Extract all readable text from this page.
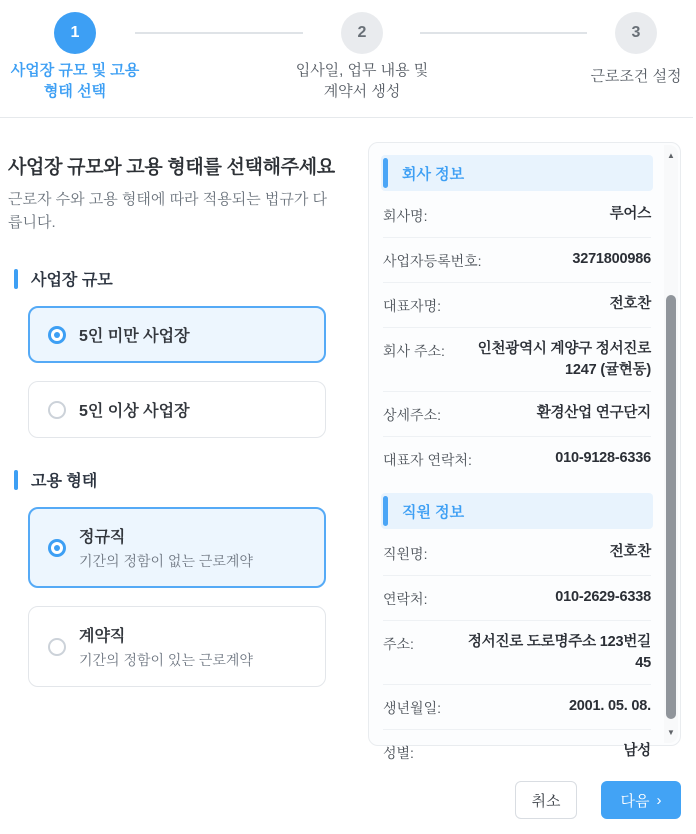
1	2	3
사업장 규모 및 고용 형태 선택
입사일, 업무 내용 및 계약서 생성
근로조건 설정
사업장 규모와 고용 형태를 선택해주세요
근로자 수와 고용 형태에 따라 적용되는 법규가 다릅니다.
사업장 규모
5인 미만 사업장
5인 이상 사업장
고용 형태
정규직
기간의 정함이 없는 근로계약
계약직
기간의 정함이 있는 근로계약
회사 정보
회사명:	루어스
사업자등록번호:	3271800986
대표자명:	전호찬
회사 주소:	인천광역시 계양구 정서진로 1247 (귤현동)
상세주소:	환경산업 연구단지
대표자 연락처:	010-9128-6336
직원 정보
직원명:	전호찬
연락처:	010-2629-6338
주소:	정서진로 도로명주소 123번길 45
생년월일:	2001. 05. 08.
성별:	남성
▲
▼
취소	다음 ›
